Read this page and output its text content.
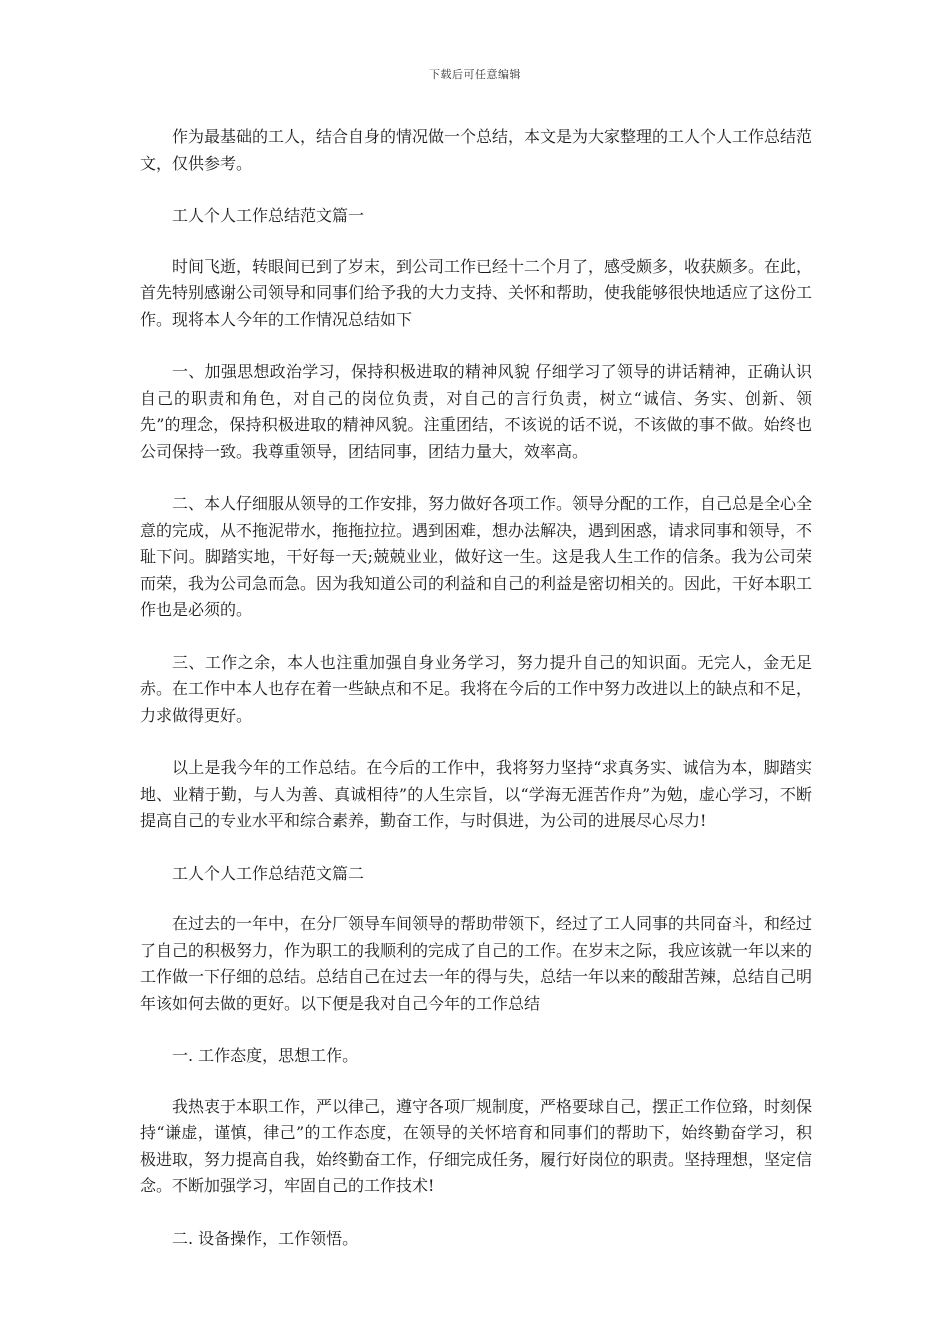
下载后可任意编辑

作为最基础的工人，结合自身的情况做一个总结，本文是为大家整理的工人个人工作总结范文，仅供参考。

工人个人工作总结范文篇一

时间飞逝，转眼间已到了岁末，到公司工作已经十二个月了，感受颇多，收获颇多。在此，首先特别感谢公司领导和同事们给予我的大力支持、关怀和帮助，使我能够很快地适应了这份工作。现将本人今年的工作情况总结如下

一、加强思想政治学习，保持积极进取的精神风貌 仔细学习了领导的讲话精神，正确认识自己的职责和角色，对自己的岗位负责，对自己的言行负责，树立“诚信、务实、创新、领先”的理念，保持积极进取的精神风貌。注重团结，不该说的话不说，不该做的事不做。始终也公司保持一致。我尊重领导，团结同事，团结力量大，效率高。

二、本人仔细服从领导的工作安排，努力做好各项工作。领导分配的工作，自己总是全心全意的完成，从不拖泥带水，拖拖拉拉。遇到困难，想办法解决，遇到困惑，请求同事和领导，不耻下问。脚踏实地，干好每一天;兢兢业业，做好这一生。这是我人生工作的信条。我为公司荣而荣，我为公司急而急。因为我知道公司的利益和自己的利益是密切相关的。因此，干好本职工作也是必须的。

三、工作之余，本人也注重加强自身业务学习，努力提升自己的知识面。无完人，金无足赤。在工作中本人也存在着一些缺点和不足。我将在今后的工作中努力改进以上的缺点和不足，力求做得更好。

以上是我今年的工作总结。在今后的工作中，我将努力坚持“求真务实、诚信为本，脚踏实地、业精于勤，与人为善、真诚相待”的人生宗旨，以“学海无涯苦作舟”为勉，虚心学习，不断提高自己的专业水平和综合素养，勤奋工作，与时俱进，为公司的进展尽心尽力!

工人个人工作总结范文篇二

在过去的一年中，在分厂领导车间领导的帮助带领下，经过了工人同事的共同奋斗，和经过了自己的积极努力，作为职工的我顺利的完成了自己的工作。在岁末之际，我应该就一年以来的工作做一下仔细的总结。总结自己在过去一年的得与失，总结一年以来的酸甜苦辣，总结自己明年该如何去做的更好。以下便是我对自己今年的工作总结

一. 工作态度，思想工作。

我热衷于本职工作，严以律己，遵守各项厂规制度，严格要球自己，摆正工作位臵，时刻保持“谦虚，谨慎，律己”的工作态度，在领导的关怀培育和同事们的帮助下，始终勤奋学习，积极进取，努力提高自我，始终勤奋工作，仔细完成任务，履行好岗位的职责。坚持理想，坚定信念。不断加强学习，牢固自己的工作技术!

二. 设备操作，工作领悟。
